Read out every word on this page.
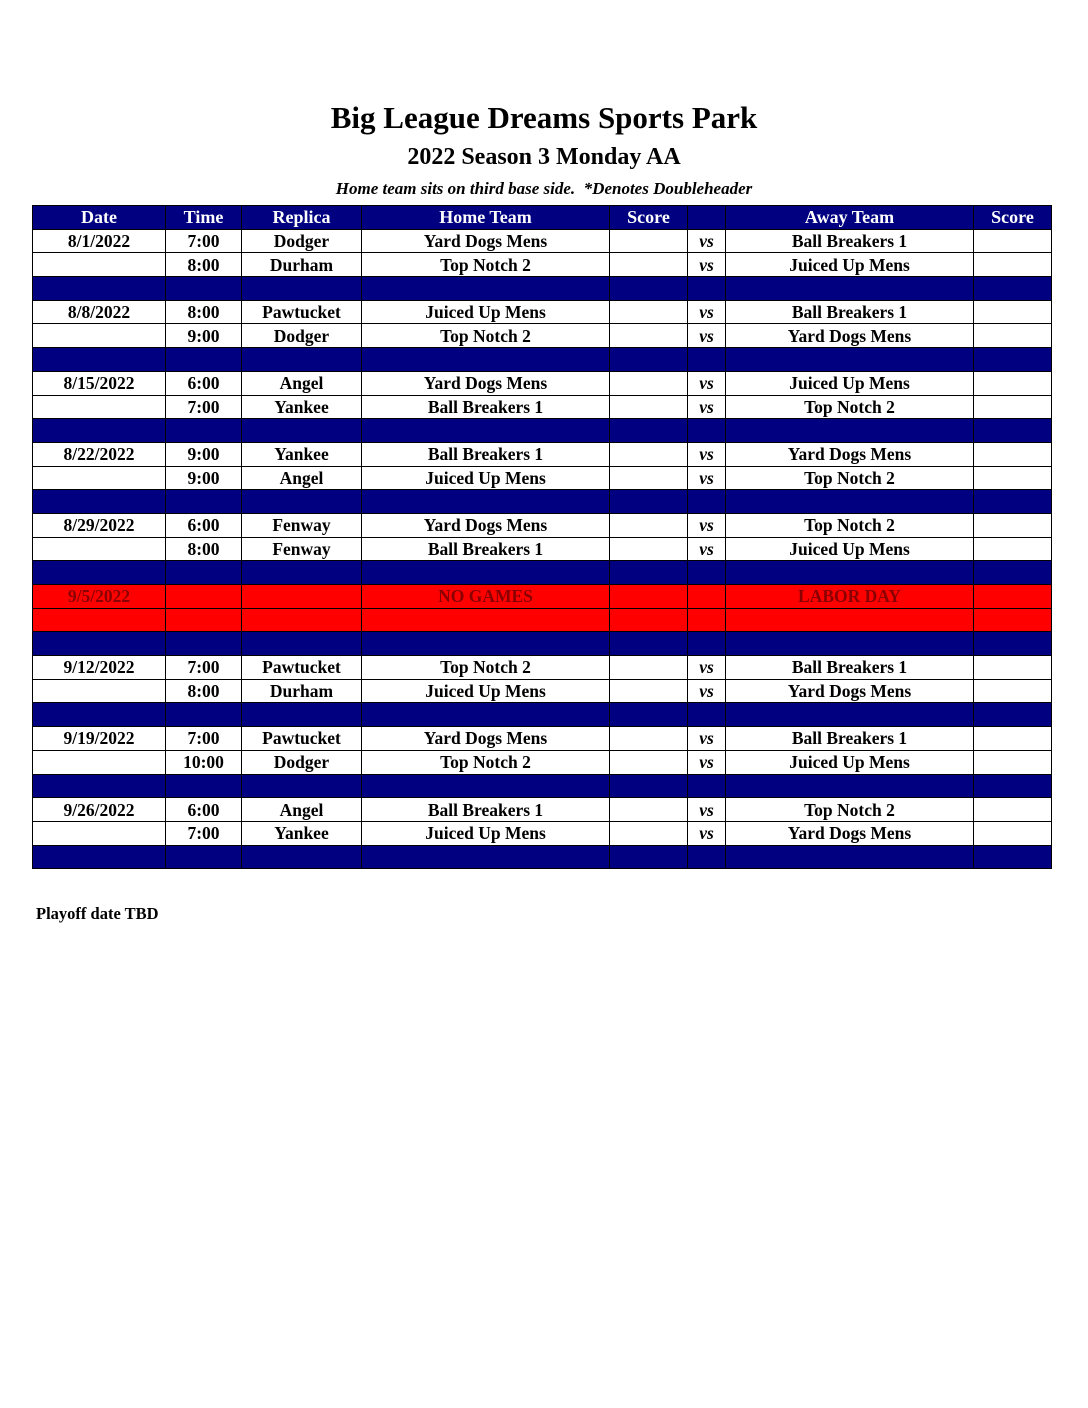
Big League Dreams Sports Park
2022 Season 3 Monday AA
Home team sits on third base side.  *Denotes Doubleheader
Date	Time	Replica	Home Team	Score		Away Team	Score
8/1/2022	7:00	Dodger	Yard Dogs Mens		vs	Ball Breakers 1	
	8:00	Durham	Top Notch 2		vs	Juiced Up Mens	

8/8/2022	8:00	Pawtucket	Juiced Up Mens		vs	Ball Breakers 1	
	9:00	Dodger	Top Notch 2		vs	Yard Dogs Mens	

8/15/2022	6:00	Angel	Yard Dogs Mens		vs	Juiced Up Mens	
	7:00	Yankee	Ball Breakers 1		vs	Top Notch 2	

8/22/2022	9:00	Yankee	Ball Breakers 1		vs	Yard Dogs Mens	
	9:00	Angel	Juiced Up Mens		vs	Top Notch 2	

8/29/2022	6:00	Fenway	Yard Dogs Mens		vs	Top Notch 2	
	8:00	Fenway	Ball Breakers 1		vs	Juiced Up Mens	

9/5/2022			NO GAMES			LABOR DAY	

9/12/2022	7:00	Pawtucket	Top Notch 2		vs	Ball Breakers 1	
	8:00	Durham	Juiced Up Mens		vs	Yard Dogs Mens	

9/19/2022	7:00	Pawtucket	Yard Dogs Mens		vs	Ball Breakers 1	
	10:00	Dodger	Top Notch 2		vs	Juiced Up Mens	

9/26/2022	6:00	Angel	Ball Breakers 1		vs	Top Notch 2	
	7:00	Yankee	Juiced Up Mens		vs	Yard Dogs Mens	

Playoff date TBD
